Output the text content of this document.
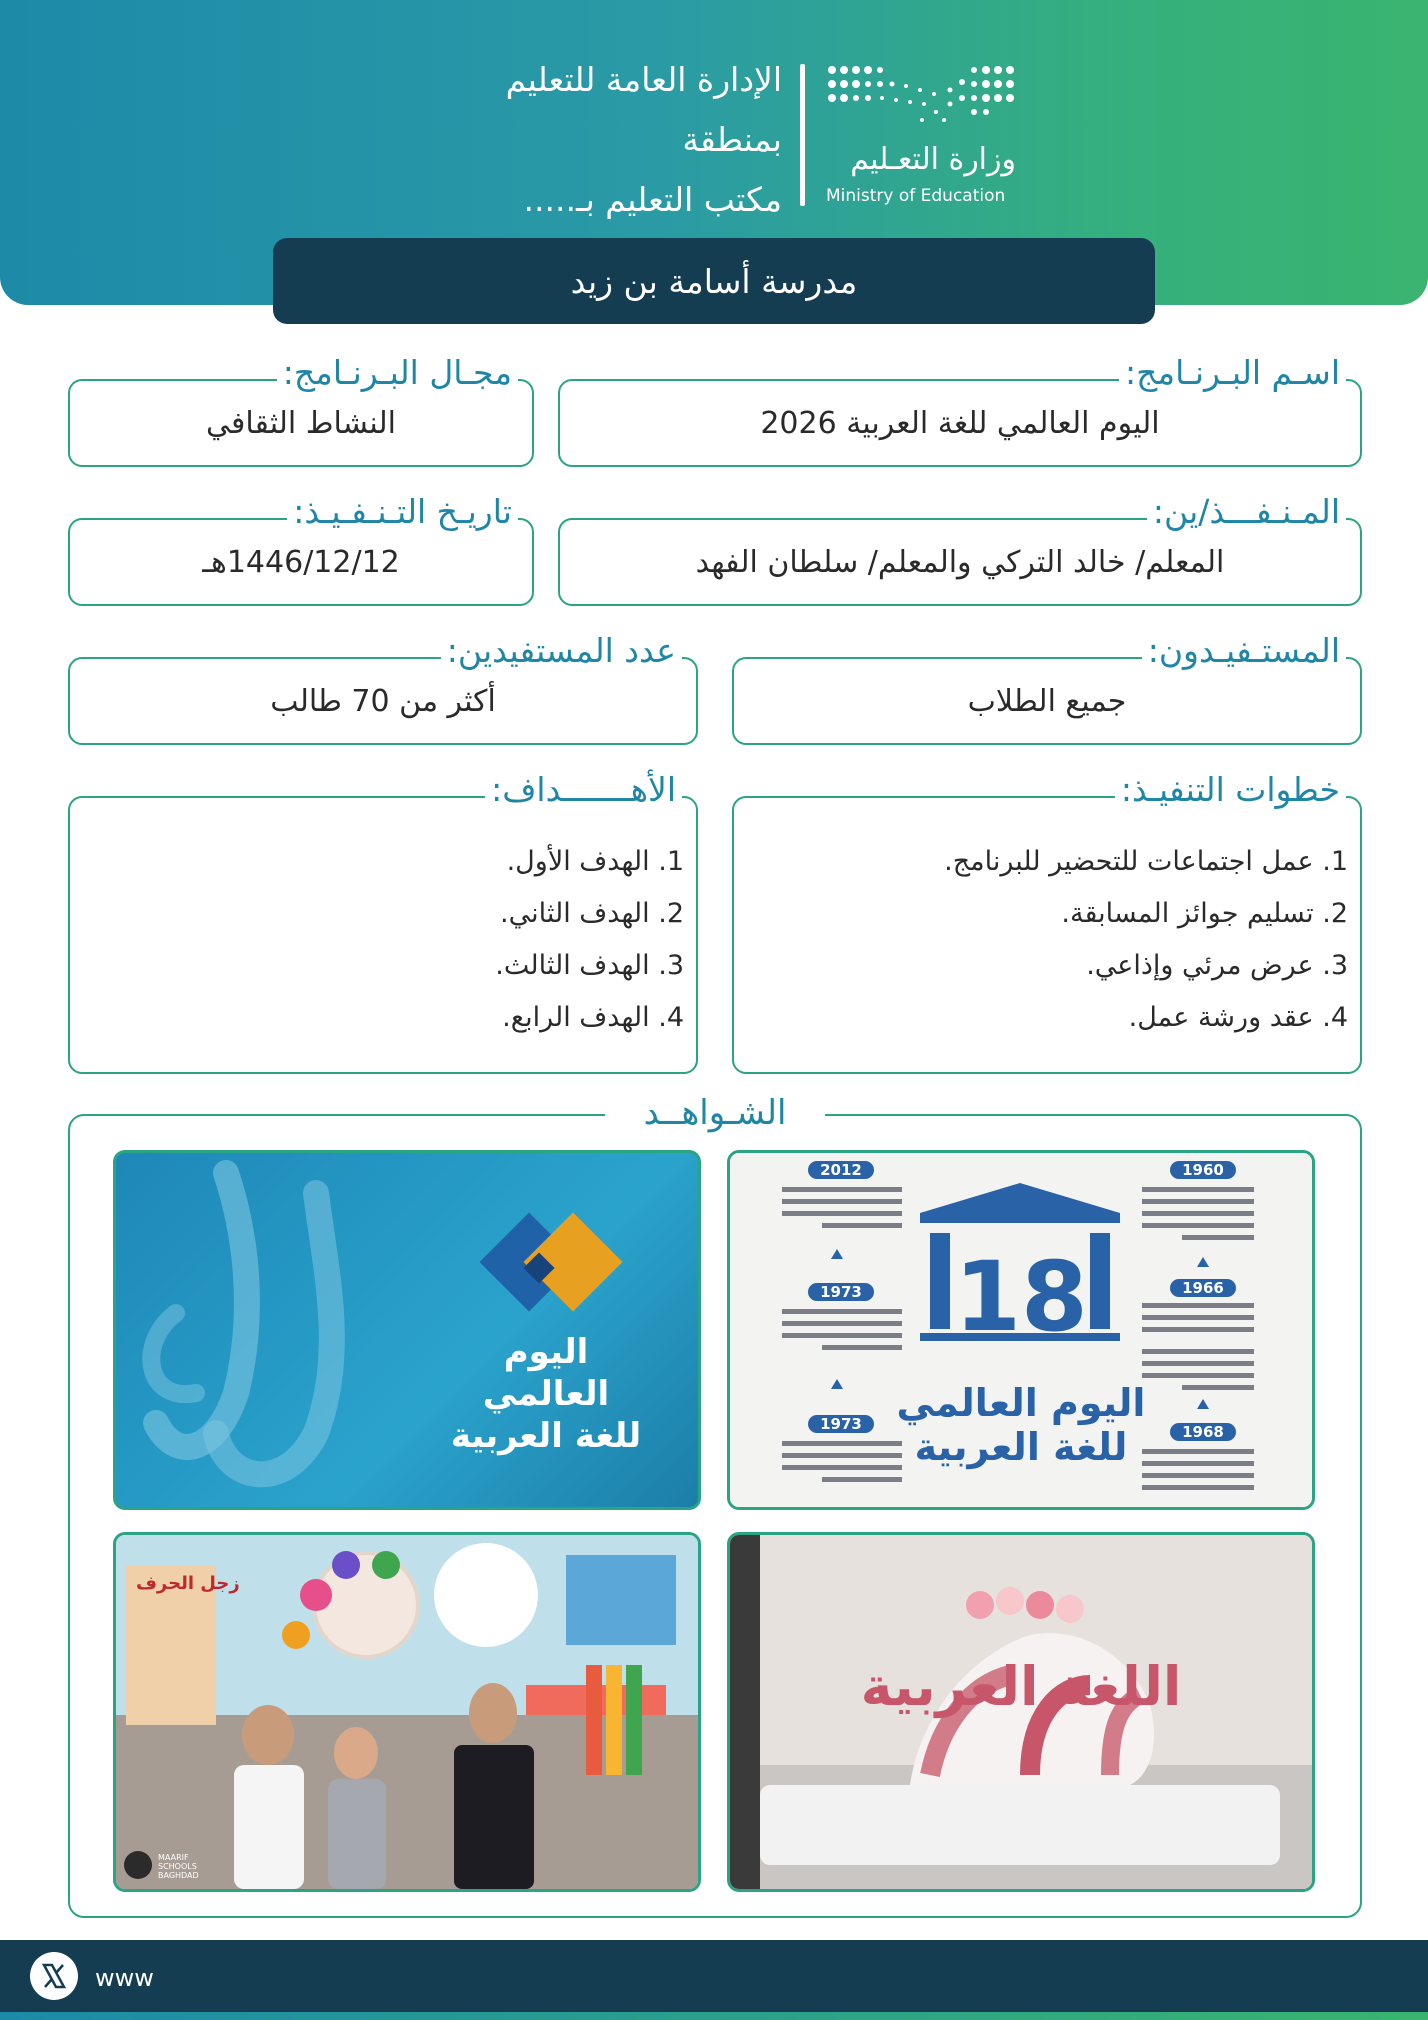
الإدارة العامة للتعليم
بمنطقة
مكتب التعليم بـ.....
وزارة التعـليم
Ministry of Education
مدرسة أسامة بن زيد
اليوم العالمي للغة العربية 2026
اسـم البـرنـامج:
النشاط الثقافي
مجـال البـرنـامج:
المعلم/ خالد التركي والمعلم/ سلطان الفهد
المـنـفـــذ/ين:
1446/12/12هـ
تاريـخ التـنـفـيـذ:
جميع الطلاب
المستـفيـدون:
أكثر من 70 طالب
عدد المستفيدين:
خطوات التنفيـذ:
1. عمل اجتماعات للتحضير للبرنامج.
2. تسليم جوائز المسابقة.
3. عرض مرئي وإذاعي.
4. عقد ورشة عمل.
الأهـــــــداف:
1. الهدف الأول.
2. الهدف الثاني.
3. الهدف الثالث.
4. الهدف الرابع.
الشـواهــد
18
اليوم العالمي
للغة العربية
2012
1973
1973
1960
1966
1968
اليوم العالمي
للغة العربية
اللغة العربية
زجل الحرف
MAARIF SCHOOLS BAGHDAD
www
